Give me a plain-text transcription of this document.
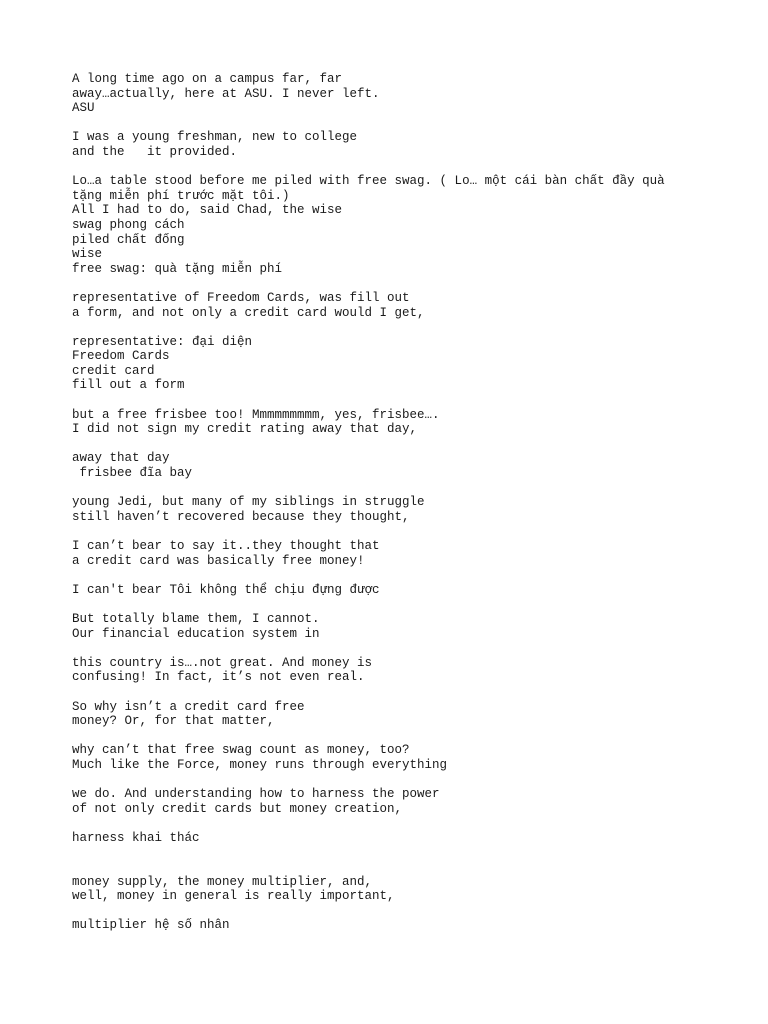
A long time ago on a campus far, far
away…actually, here at ASU. I never left.
ASU
I was a young freshman, new to college
and the   it provided.
Lo…a table stood before me piled with free swag. ( Lo… một cái bàn chất đầy quà
tặng miễn phí trước mặt tôi.)
All I had to do, said Chad, the wise
swag phong cách
piled chất đống
wise
free swag: quà tặng miễn phí
representative of Freedom Cards, was fill out
a form, and not only a credit card would I get,
representative: đại diện
Freedom Cards
credit card
fill out a form
but a free frisbee too! Mmmmmmmmm, yes, frisbee….
I did not sign my credit rating away that day,
away that day
frisbee đĩa bay
young Jedi, but many of my siblings in struggle
still haven’t recovered because they thought,
I can’t bear to say it..they thought that
a credit card was basically free money!
I can't bear Tôi không thể chịu đựng được
But totally blame them, I cannot.
Our financial education system in
this country is….not great. And money is
confusing! In fact, it’s not even real.
So why isn’t a credit card free
money? Or, for that matter,
why can’t that free swag count as money, too?
Much like the Force, money runs through everything
we do. And understanding how to harness the power
of not only credit cards but money creation,
harness khai thác
money supply, the money multiplier, and,
well, money in general is really important,
multiplier hệ số nhân
